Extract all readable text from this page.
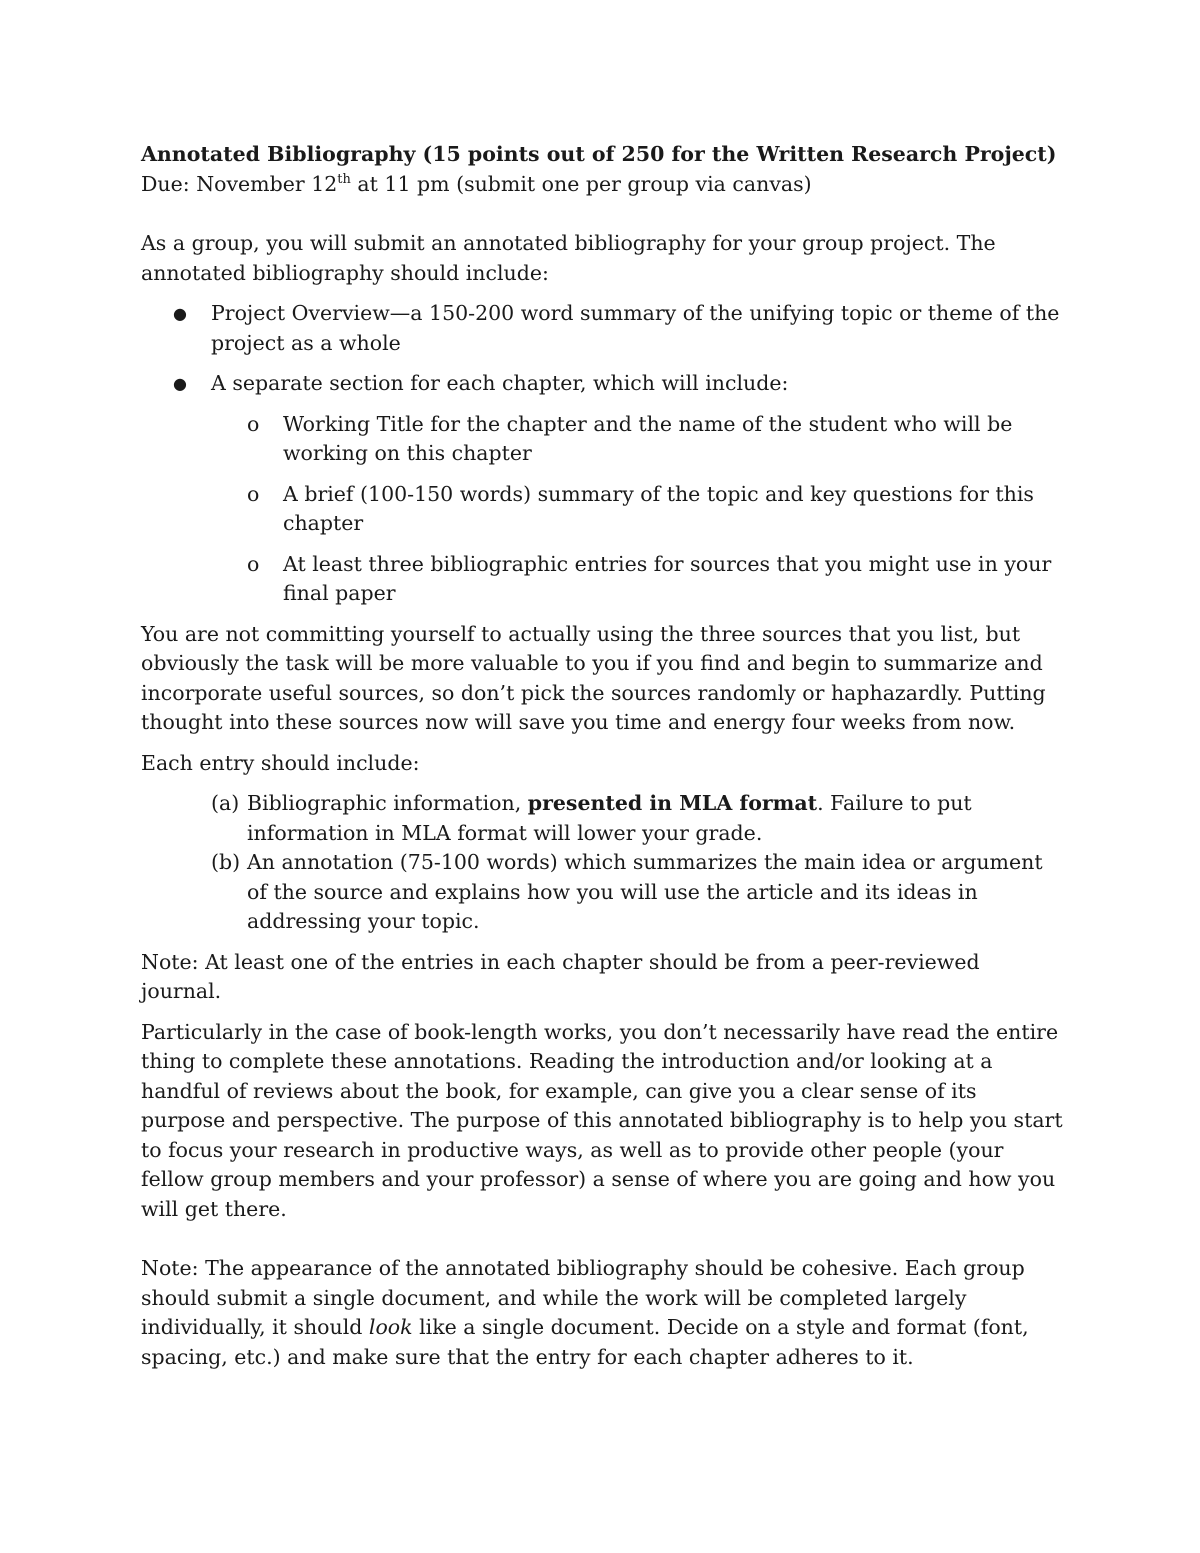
Annotated Bibliography (15 points out of 250 for the Written Research Project)

Due: November 12th at 11 pm (submit one per group via canvas)

As a group, you will submit an annotated bibliography for your group project. The annotated bibliography should include:

● Project Overview—a 150-200 word summary of the unifying topic or theme of the project as a whole
● A separate section for each chapter, which will include:
o Working Title for the chapter and the name of the student who will be working on this chapter
o A brief (100-150 words) summary of the topic and key questions for this chapter
o At least three bibliographic entries for sources that you might use in your final paper

You are not committing yourself to actually using the three sources that you list, but obviously the task will be more valuable to you if you find and begin to summarize and incorporate useful sources, so don’t pick the sources randomly or haphazardly. Putting thought into these sources now will save you time and energy four weeks from now.

Each entry should include:

(a) Bibliographic information, presented in MLA format. Failure to put information in MLA format will lower your grade.
(b) An annotation (75-100 words) which summarizes the main idea or argument of the source and explains how you will use the article and its ideas in addressing your topic.

Note: At least one of the entries in each chapter should be from a peer-reviewed journal.

Particularly in the case of book-length works, you don’t necessarily have read the entire thing to complete these annotations. Reading the introduction and/or looking at a handful of reviews about the book, for example, can give you a clear sense of its purpose and perspective. The purpose of this annotated bibliography is to help you start to focus your research in productive ways, as well as to provide other people (your fellow group members and your professor) a sense of where you are going and how you will get there.

Note: The appearance of the annotated bibliography should be cohesive. Each group should submit a single document, and while the work will be completed largely individually, it should look like a single document. Decide on a style and format (font, spacing, etc.) and make sure that the entry for each chapter adheres to it.
